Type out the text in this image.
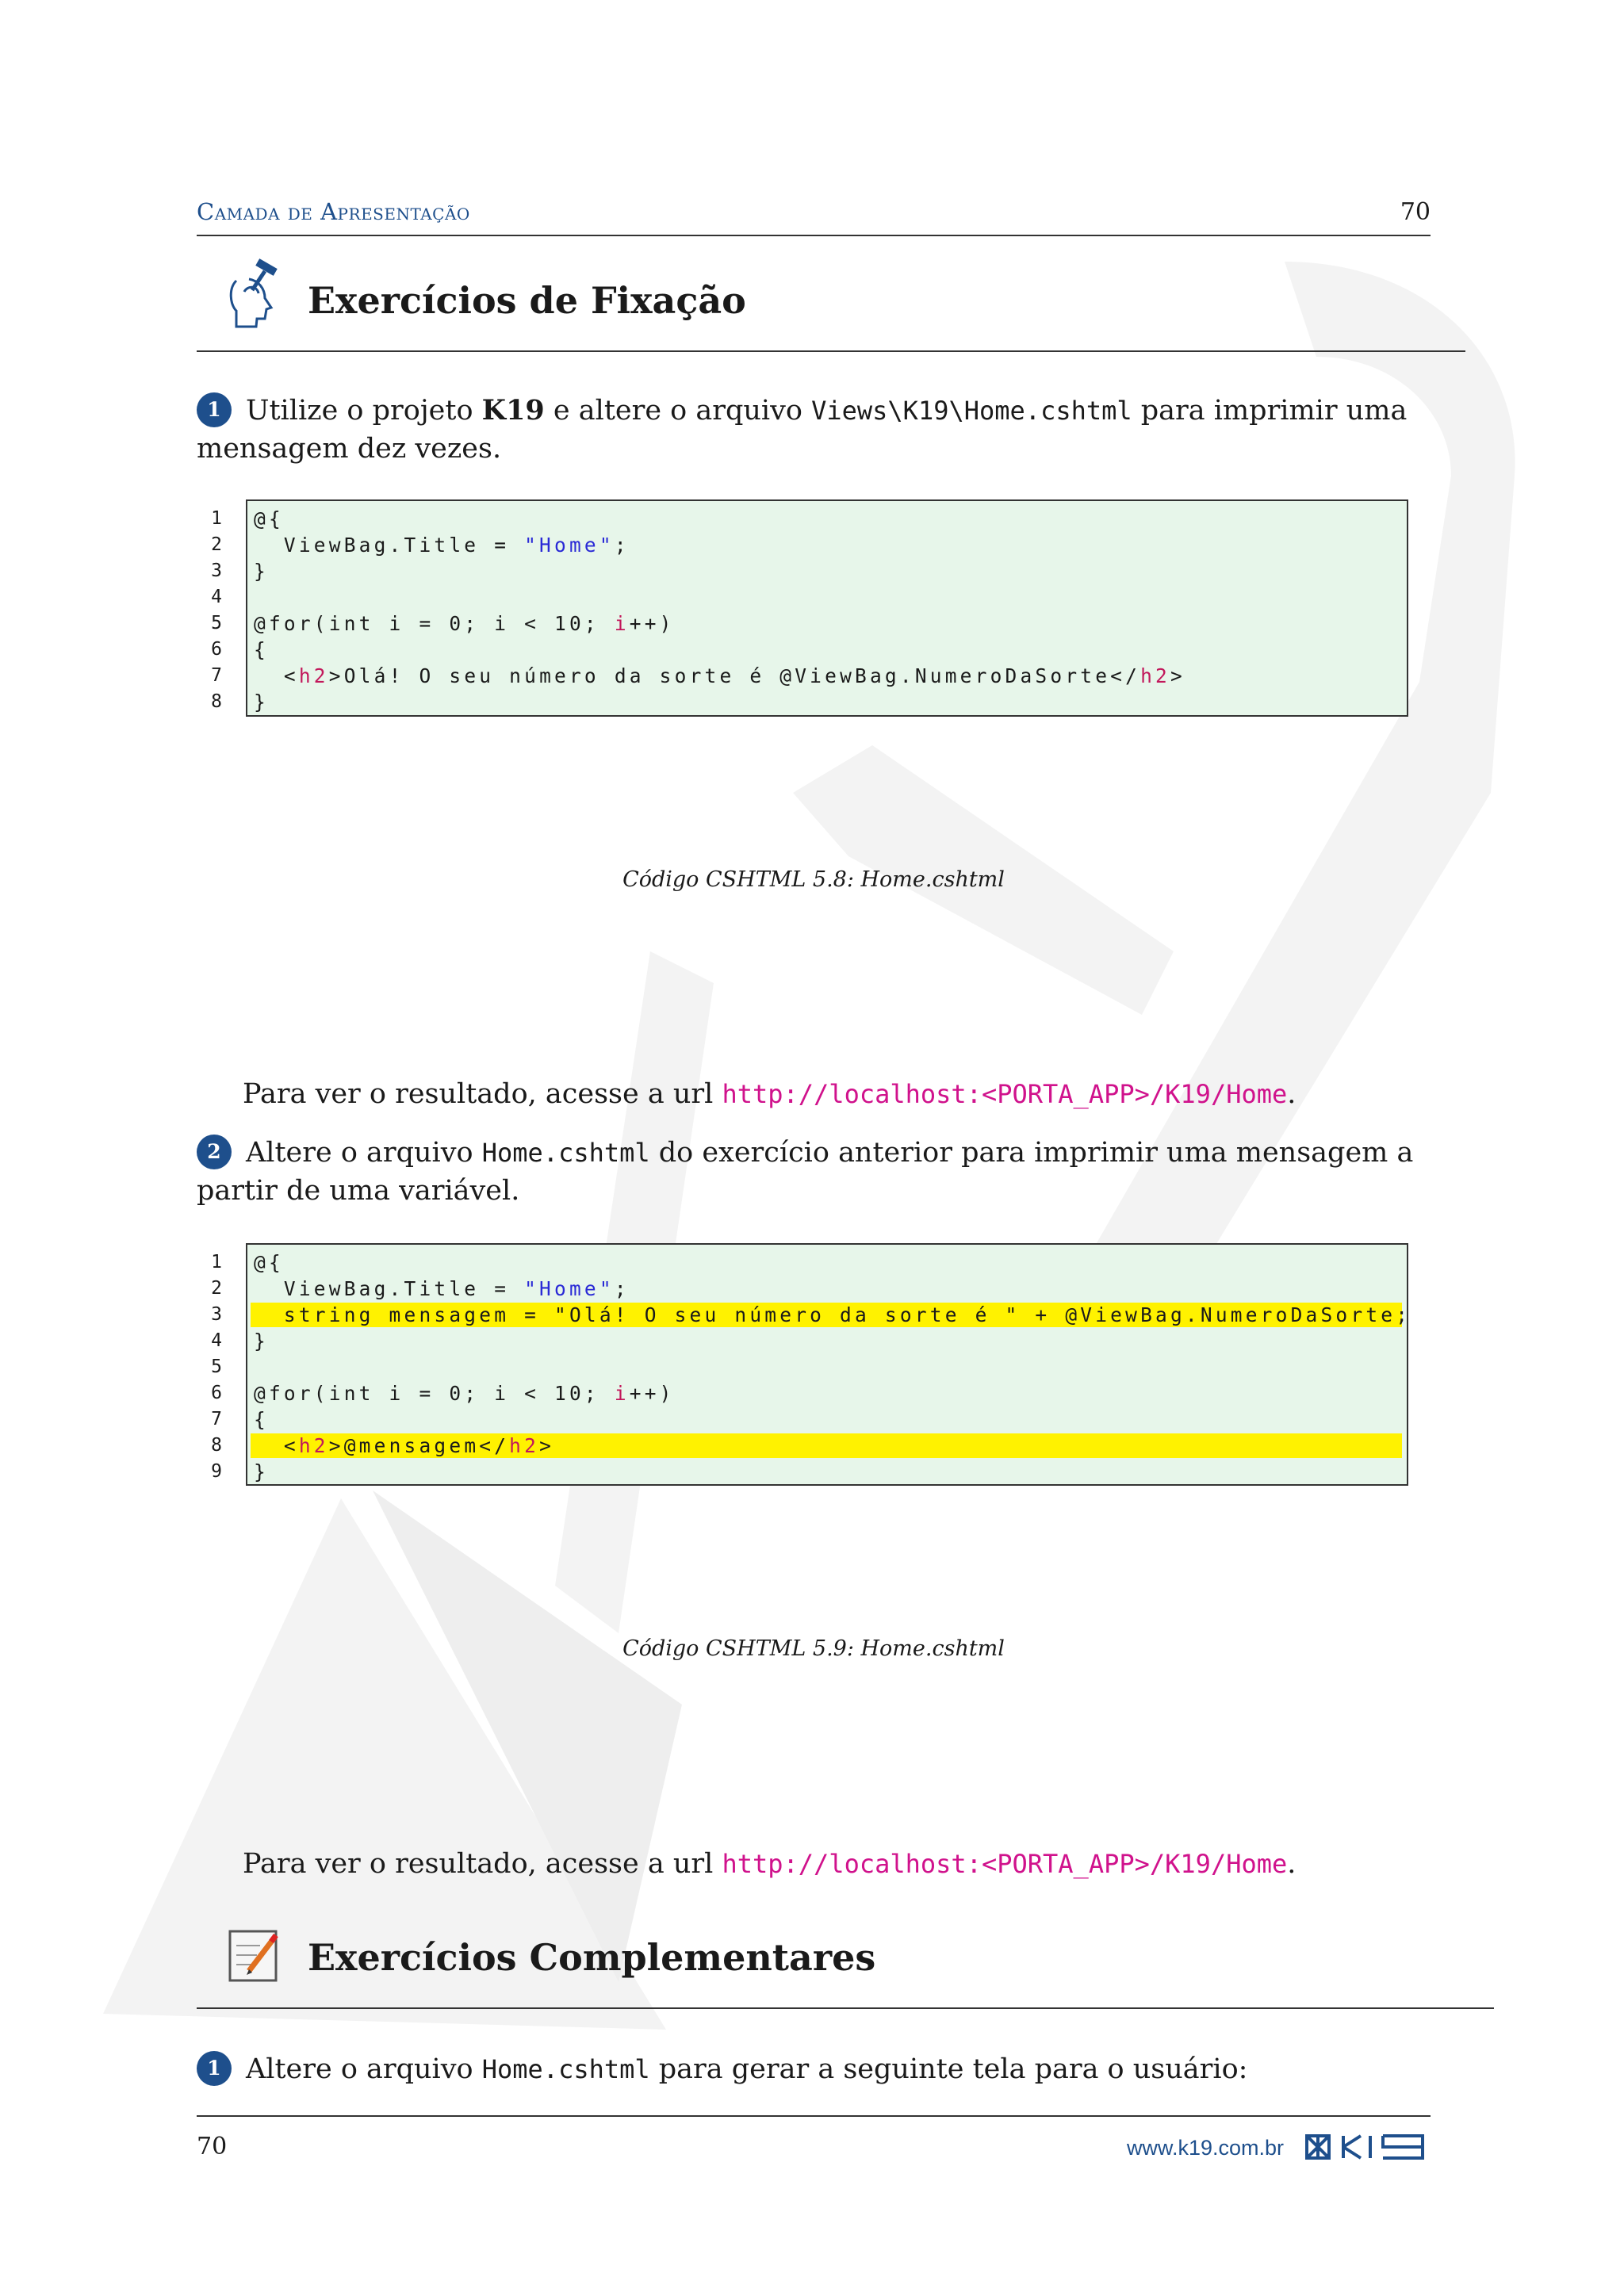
Camada de Apresentação	70
Exercícios de Fixação
1 Utilize o projeto K19 e altere o arquivo Views\K19\Home.cshtml para imprimir uma mensagem dez vezes.
@{
ViewBag.Title = "Home";
}
@for(int i = 0; i < 10; i++)
{
<h2>Olá! O seu número da sorte é @ViewBag.NumeroDaSorte</h2>
}
Código CSHTML 5.8: Home.cshtml
Para ver o resultado, acesse a url http://localhost:<PORTA_APP>/K19/Home.
2 Altere o arquivo Home.cshtml do exercício anterior para imprimir uma mensagem a partir de uma variável.
@{
ViewBag.Title = "Home";
string mensagem = "Olá! O seu número da sorte é " + @ViewBag.NumeroDaSorte;
}
@for(int i = 0; i < 10; i++)
{
<h2>@mensagem</h2>
}
Código CSHTML 5.9: Home.cshtml
Para ver o resultado, acesse a url http://localhost:<PORTA_APP>/K19/Home.
Exercícios Complementares
1 Altere o arquivo Home.cshtml para gerar a seguinte tela para o usuário:
70	www.k19.com.br
1
2
3
4
5
6
7
8
1
2
3
4
5
6
7
8
9
